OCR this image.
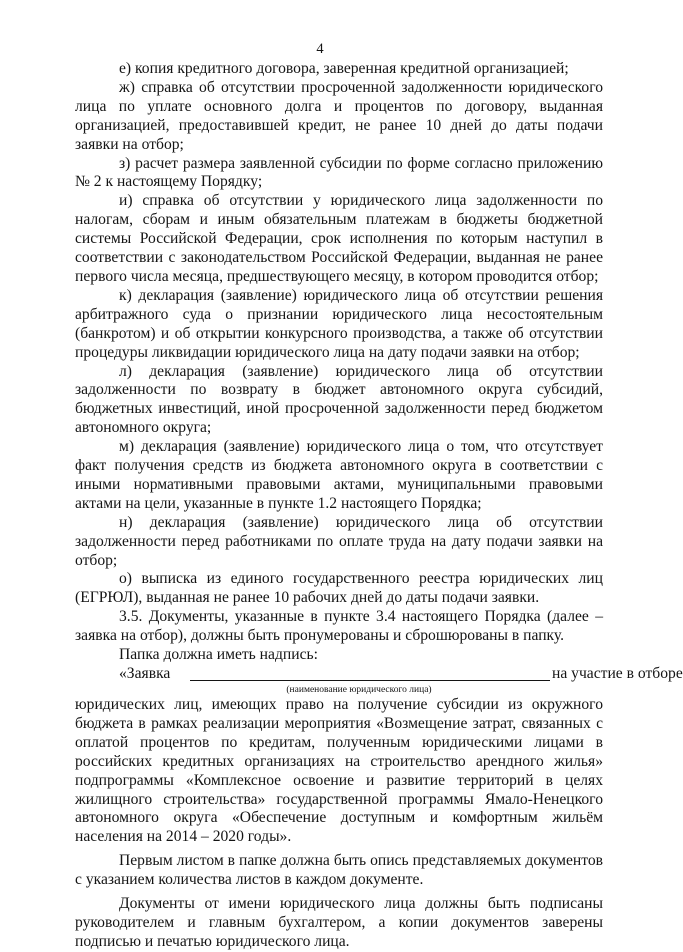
4

е) копия кредитного договора, заверенная кредитной организацией;

ж) справка об отсутствии просроченной задолженности юридического лица по уплате основного долга и процентов по договору, выданная организацией, предоставившей кредит, не ранее 10 дней до даты подачи заявки на отбор;

з) расчет размера заявленной субсидии по форме согласно приложению № 2 к настоящему Порядку;

и) справка об отсутствии у юридического лица задолженности по налогам, сборам и иным обязательным платежам в бюджеты бюджетной системы Российской Федерации, срок исполнения по которым наступил в соответствии с законодательством Российской Федерации, выданная не ранее первого числа месяца, предшествующего месяцу, в котором проводится отбор;

к) декларация (заявление) юридического лица об отсутствии решения арбитражного суда о признании юридического лица несостоятельным (банкротом) и об открытии конкурсного производства, а также об отсутствии процедуры ликвидации юридического лица на дату подачи заявки на отбор;

л) декларация (заявление) юридического лица об отсутствии задолженности по возврату в бюджет автономного округа субсидий, бюджетных инвестиций, иной просроченной задолженности перед бюджетом автономного округа;

м) декларация (заявление) юридического лица о том, что отсутствует факт получения средств из бюджета автономного округа в соответствии с иными нормативными правовыми актами, муниципальными правовыми актами на цели, указанные в пункте 1.2 настоящего Порядка;

н) декларация (заявление) юридического лица об отсутствии задолженности перед работниками по оплате труда на дату подачи заявки на отбор;

о) выписка из единого государственного реестра юридических лиц (ЕГРЮЛ), выданная не ранее 10 рабочих дней до даты подачи заявки.

3.5. Документы, указанные в пункте 3.4 настоящего Порядка (далее – заявка на отбор), должны быть пронумерованы и сброшюрованы в папку.

Папка должна иметь надпись:

«Заявка	на участие в отборе

(наименование юридического лица)

юридических лиц, имеющих право на получение субсидии из окружного бюджета в рамках реализации мероприятия «Возмещение затрат, связанных с оплатой процентов по кредитам, полученным юридическими лицами в российских кредитных организациях на строительство арендного жилья» подпрограммы «Комплексное освоение и развитие территорий в целях жилищного строительства» государственной программы Ямало-Ненецкого автономного округа «Обеспечение доступным и комфортным жильём населения на 2014 – 2020 годы».

Первым листом в папке должна быть опись представляемых документов с указанием количества листов в каждом документе.

Документы от имени юридического лица должны быть подписаны руководителем и главным бухгалтером, а копии документов заверены подписью и печатью юридического лица.
